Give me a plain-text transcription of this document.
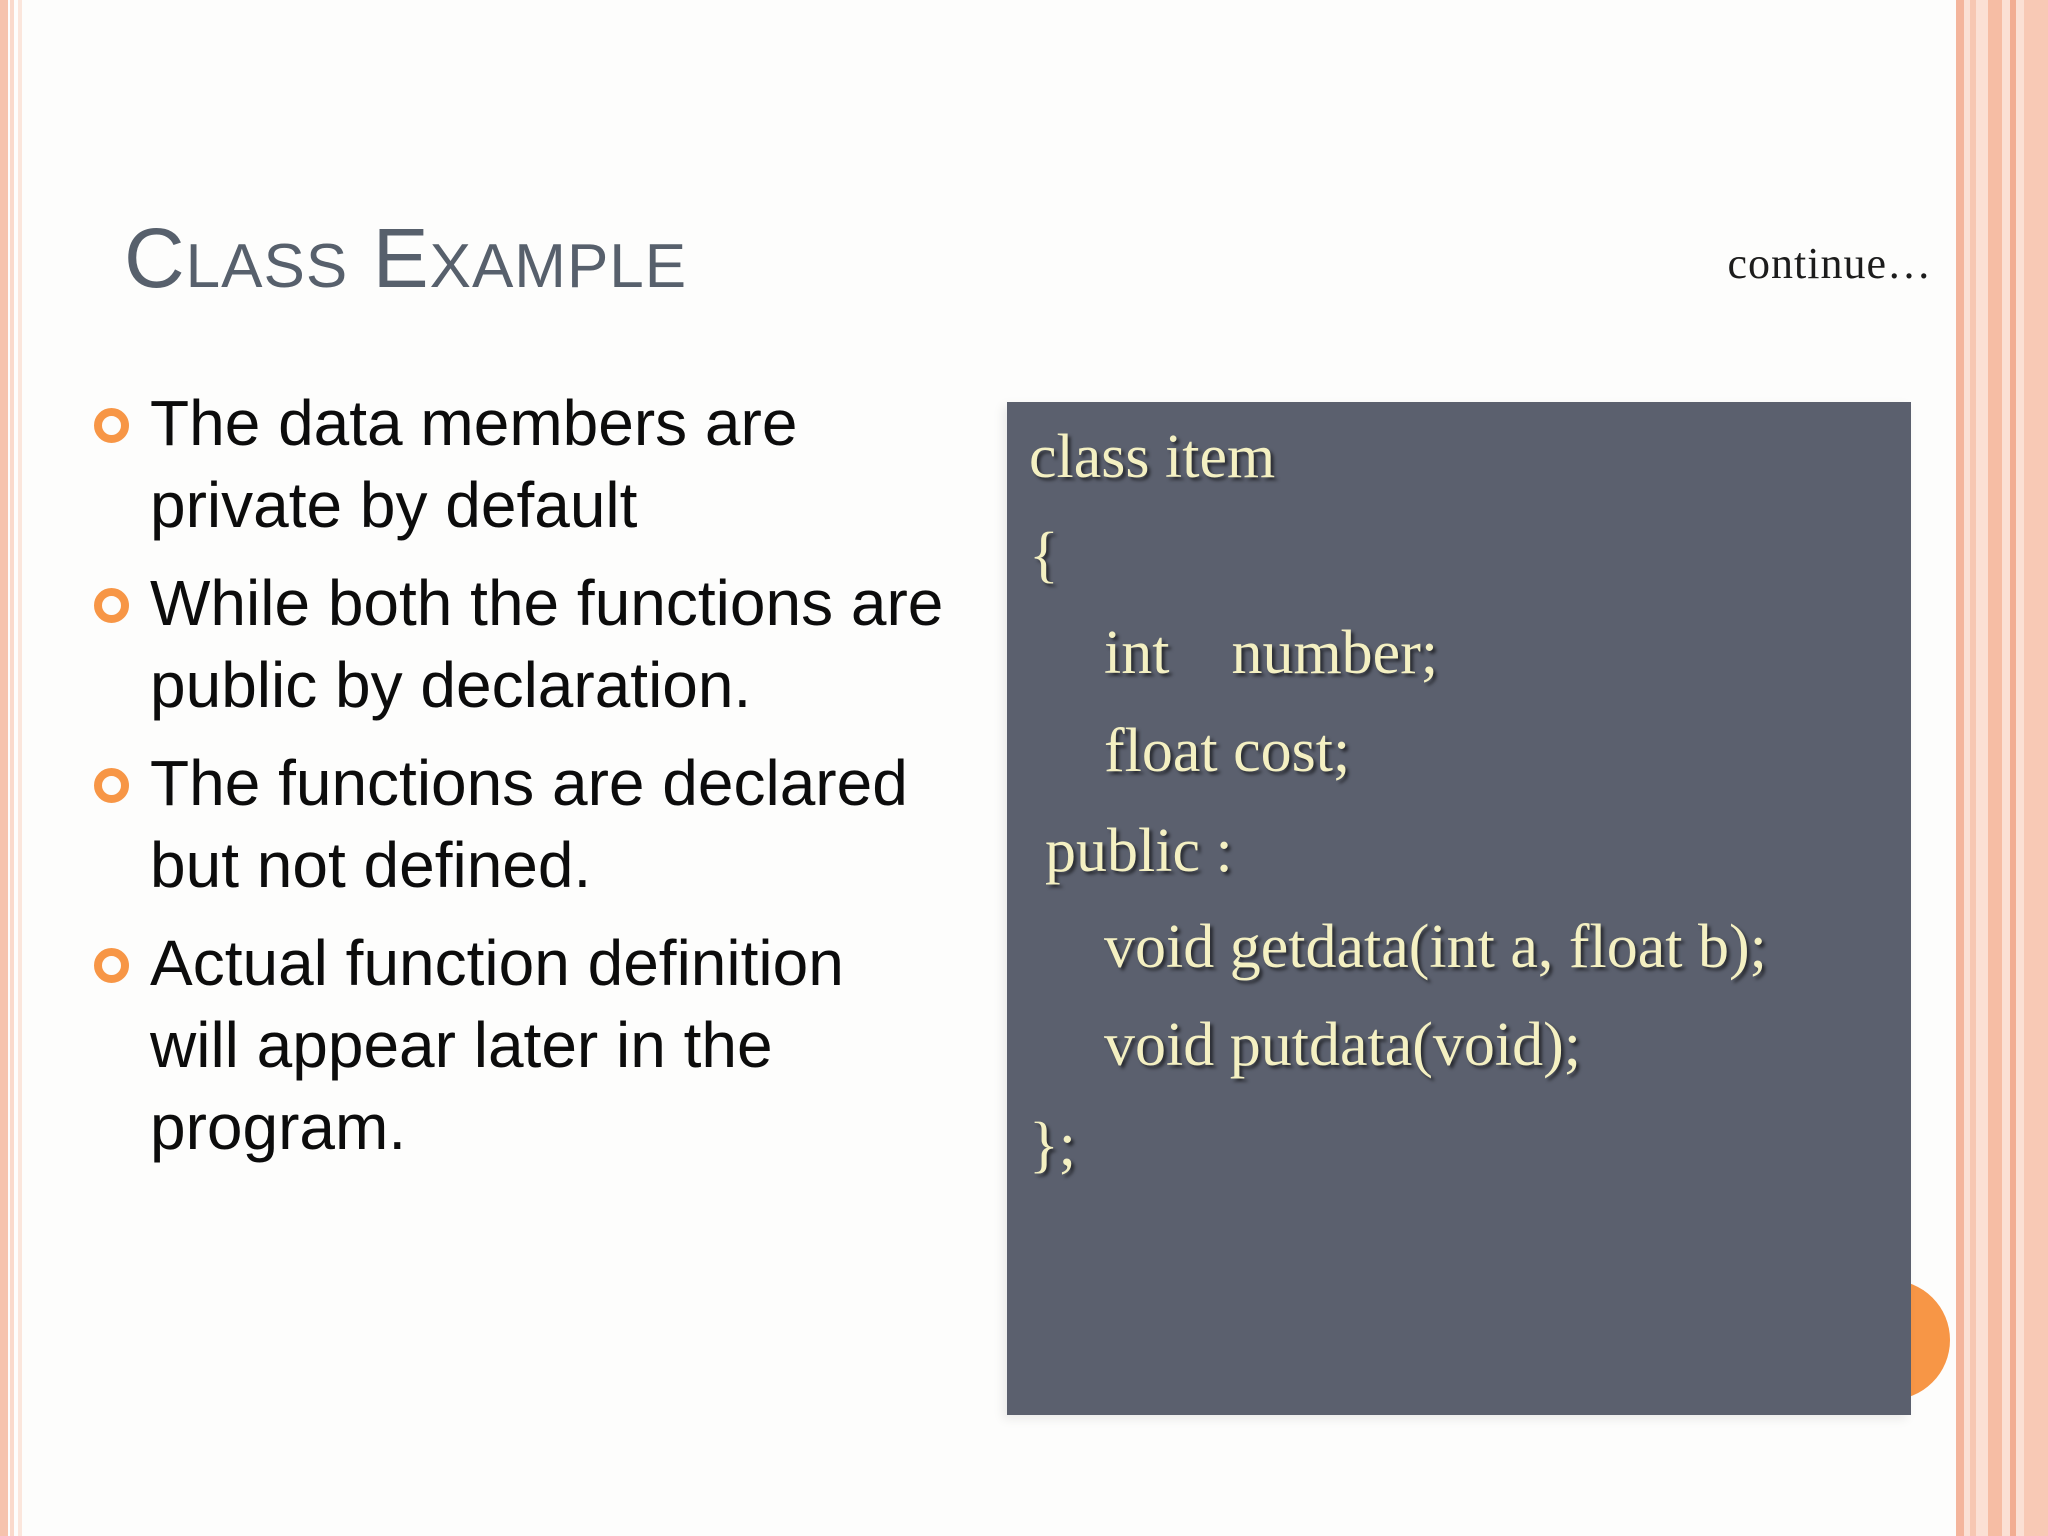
CLASS EXAMPLE	continue…
The data members are private by default
While both the functions are public by declaration.
The functions are declared but not defined.
Actual function definition will appear later in the program.
class item
{
int    number;
float cost;
public :
void getdata(int a, float b);
void putdata(void);
};
